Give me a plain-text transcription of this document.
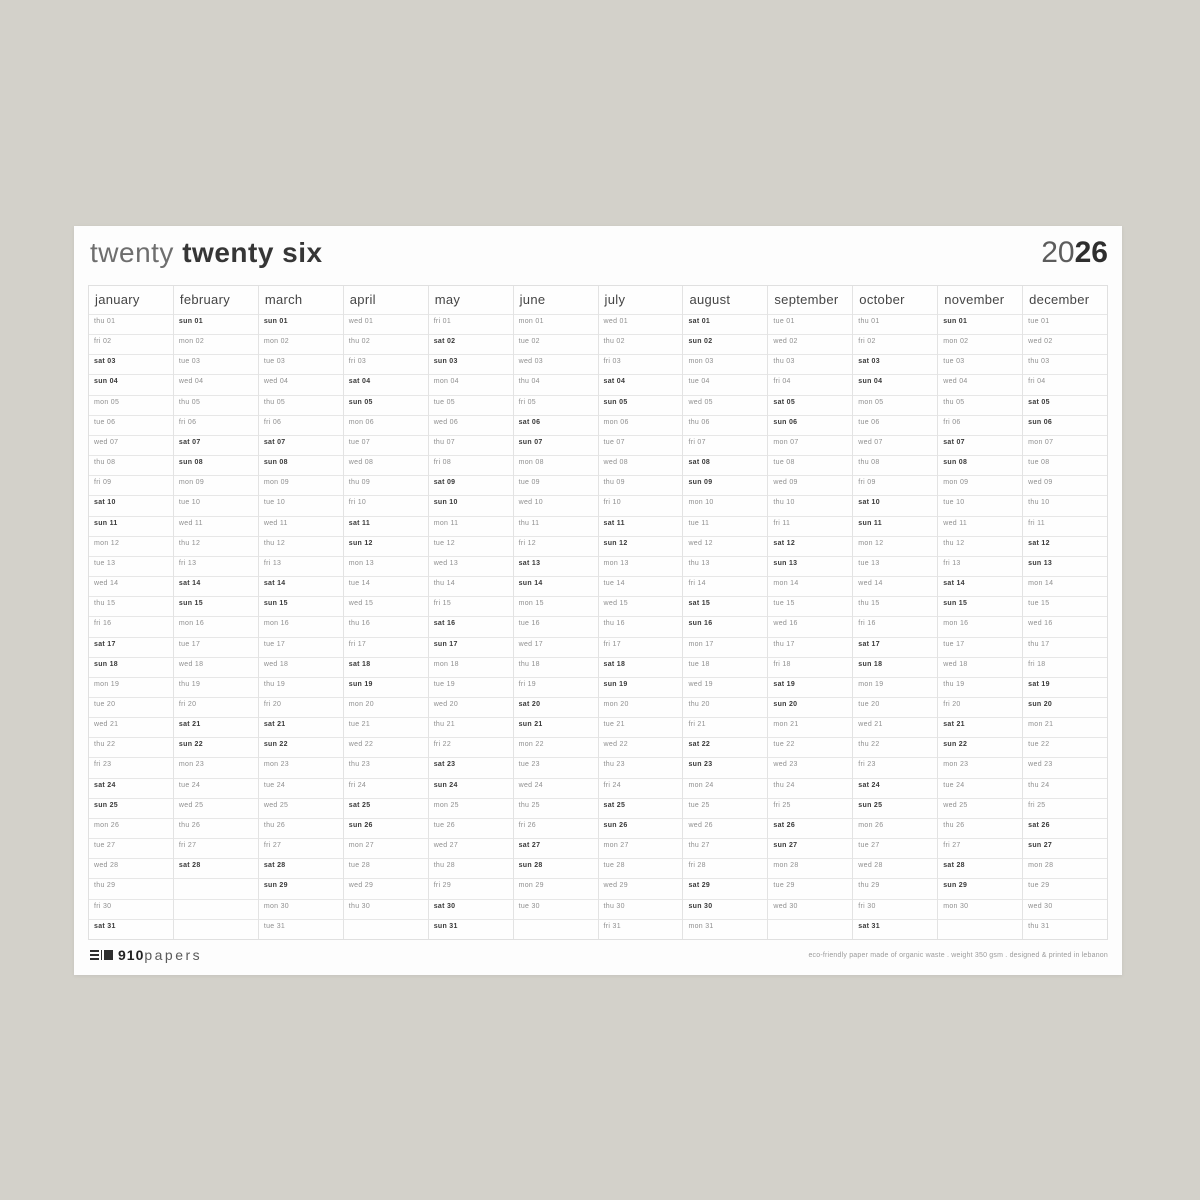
twenty twenty six	2026
january
thu 01
fri 02
sat 03
sun 04
mon 05
tue 06
wed 07
thu 08
fri 09
sat 10
sun 11
mon 12
tue 13
wed 14
thu 15
fri 16
sat 17
sun 18
mon 19
tue 20
wed 21
thu 22
fri 23
sat 24
sun 25
mon 26
tue 27
wed 28
thu 29
fri 30
sat 31
february
sun 01
mon 02
tue 03
wed 04
thu 05
fri 06
sat 07
sun 08
mon 09
tue 10
wed 11
thu 12
fri 13
sat 14
sun 15
mon 16
tue 17
wed 18
thu 19
fri 20
sat 21
sun 22
mon 23
tue 24
wed 25
thu 26
fri 27
sat 28
march
sun 01
mon 02
tue 03
wed 04
thu 05
fri 06
sat 07
sun 08
mon 09
tue 10
wed 11
thu 12
fri 13
sat 14
sun 15
mon 16
tue 17
wed 18
thu 19
fri 20
sat 21
sun 22
mon 23
tue 24
wed 25
thu 26
fri 27
sat 28
sun 29
mon 30
tue 31
april
wed 01
thu 02
fri 03
sat 04
sun 05
mon 06
tue 07
wed 08
thu 09
fri 10
sat 11
sun 12
mon 13
tue 14
wed 15
thu 16
fri 17
sat 18
sun 19
mon 20
tue 21
wed 22
thu 23
fri 24
sat 25
sun 26
mon 27
tue 28
wed 29
thu 30
may
fri 01
sat 02
sun 03
mon 04
tue 05
wed 06
thu 07
fri 08
sat 09
sun 10
mon 11
tue 12
wed 13
thu 14
fri 15
sat 16
sun 17
mon 18
tue 19
wed 20
thu 21
fri 22
sat 23
sun 24
mon 25
tue 26
wed 27
thu 28
fri 29
sat 30
sun 31
june
mon 01
tue 02
wed 03
thu 04
fri 05
sat 06
sun 07
mon 08
tue 09
wed 10
thu 11
fri 12
sat 13
sun 14
mon 15
tue 16
wed 17
thu 18
fri 19
sat 20
sun 21
mon 22
tue 23
wed 24
thu 25
fri 26
sat 27
sun 28
mon 29
tue 30
july
wed 01
thu 02
fri 03
sat 04
sun 05
mon 06
tue 07
wed 08
thu 09
fri 10
sat 11
sun 12
mon 13
tue 14
wed 15
thu 16
fri 17
sat 18
sun 19
mon 20
tue 21
wed 22
thu 23
fri 24
sat 25
sun 26
mon 27
tue 28
wed 29
thu 30
fri 31
august
sat 01
sun 02
mon 03
tue 04
wed 05
thu 06
fri 07
sat 08
sun 09
mon 10
tue 11
wed 12
thu 13
fri 14
sat 15
sun 16
mon 17
tue 18
wed 19
thu 20
fri 21
sat 22
sun 23
mon 24
tue 25
wed 26
thu 27
fri 28
sat 29
sun 30
mon 31
september
tue 01
wed 02
thu 03
fri 04
sat 05
sun 06
mon 07
tue 08
wed 09
thu 10
fri 11
sat 12
sun 13
mon 14
tue 15
wed 16
thu 17
fri 18
sat 19
sun 20
mon 21
tue 22
wed 23
thu 24
fri 25
sat 26
sun 27
mon 28
tue 29
wed 30
october
thu 01
fri 02
sat 03
sun 04
mon 05
tue 06
wed 07
thu 08
fri 09
sat 10
sun 11
mon 12
tue 13
wed 14
thu 15
fri 16
sat 17
sun 18
mon 19
tue 20
wed 21
thu 22
fri 23
sat 24
sun 25
mon 26
tue 27
wed 28
thu 29
fri 30
sat 31
november
sun 01
mon 02
tue 03
wed 04
thu 05
fri 06
sat 07
sun 08
mon 09
tue 10
wed 11
thu 12
fri 13
sat 14
sun 15
mon 16
tue 17
wed 18
thu 19
fri 20
sat 21
sun 22
mon 23
tue 24
wed 25
thu 26
fri 27
sat 28
sun 29
mon 30
december
tue 01
wed 02
thu 03
fri 04
sat 05
sun 06
mon 07
tue 08
wed 09
thu 10
fri 11
sat 12
sun 13
mon 14
tue 15
wed 16
thu 17
fri 18
sat 19
sun 20
mon 21
tue 22
wed 23
thu 24
fri 25
sat 26
sun 27
mon 28
tue 29
wed 30
thu 31
910 papers	eco-friendly paper made of organic waste . weight 350 gsm . designed & printed in lebanon
